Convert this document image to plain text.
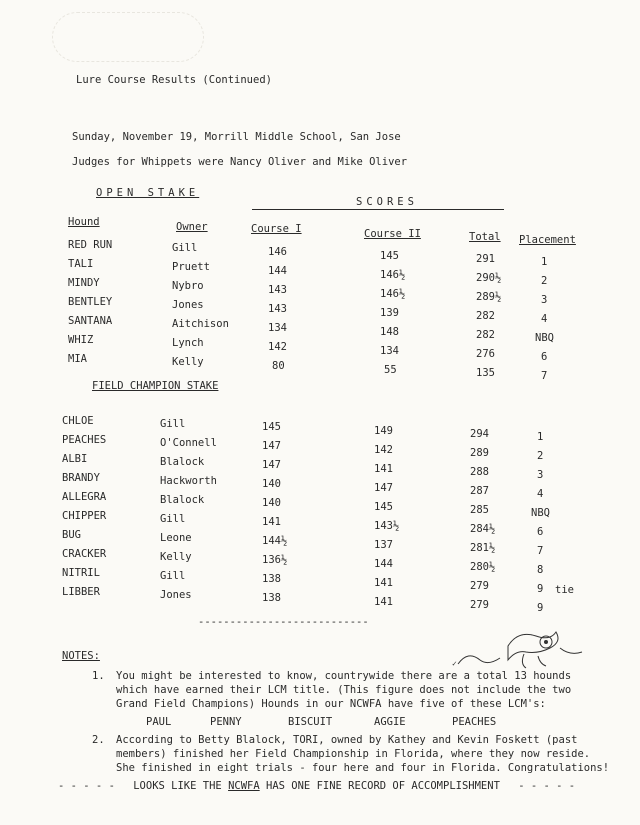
Lure Course Results (Continued)
Sunday, November 19, Morrill Middle School, San Jose
Judges for Whippets were Nancy Oliver and Mike Oliver
OPEN STAKE
SCORES
Hound	Owner	Course I	Course II	Total Placement
RED RUN	Gill	146	145	291	1
TALI	Pruett	144	146½	290½	2
MINDY	Nybro	143	146½	289½	3
BENTLEY	Jones	143	139	282	4
SANTANA	Aitchison	134	148	282	NBQ
WHIZ	Lynch	142	134	276	6
MIA	Kelly	80	55	135	7
FIELD CHAMPION STAKE
CHLOE	Gill	145	149	294	1
PEACHES	O'Connell	147	142	289	2
ALBI	Blalock	147	141	288	3
BRANDY	Hackworth	140	147	287	4
ALLEGRA	Blalock	140	145	285	NBQ
CHIPPER	Gill	141	143½	284½	6
BUG	Leone	144½	137	281½	7
CRACKER	Kelly	136½	144	280½	8
NITRIL	Gill	138	141	279	9
LIBBER	Jones	138	141	279	9
tie
---------------------------
✓
NOTES:
1. You might be interested to know, countrywide there are a total 13 hounds
which have earned their LCM title. (This figure does not include the two
Grand Field Champions) Hounds in our NCWFA have five of these LCM's:
PAUL	PENNY	BISCUIT	AGGIE	PEACHES
2. According to Betty Blalock, TORI, owned by Kathey and Kevin Foskett (past
members) finished her Field Championship in Florida, where they now reside.
She finished in eight trials - four here and four in Florida. Congratulations!
- - - - - LOOKS LIKE THE NCWFA HAS ONE FINE RECORD OF ACCOMPLISHMENT - - - - -
